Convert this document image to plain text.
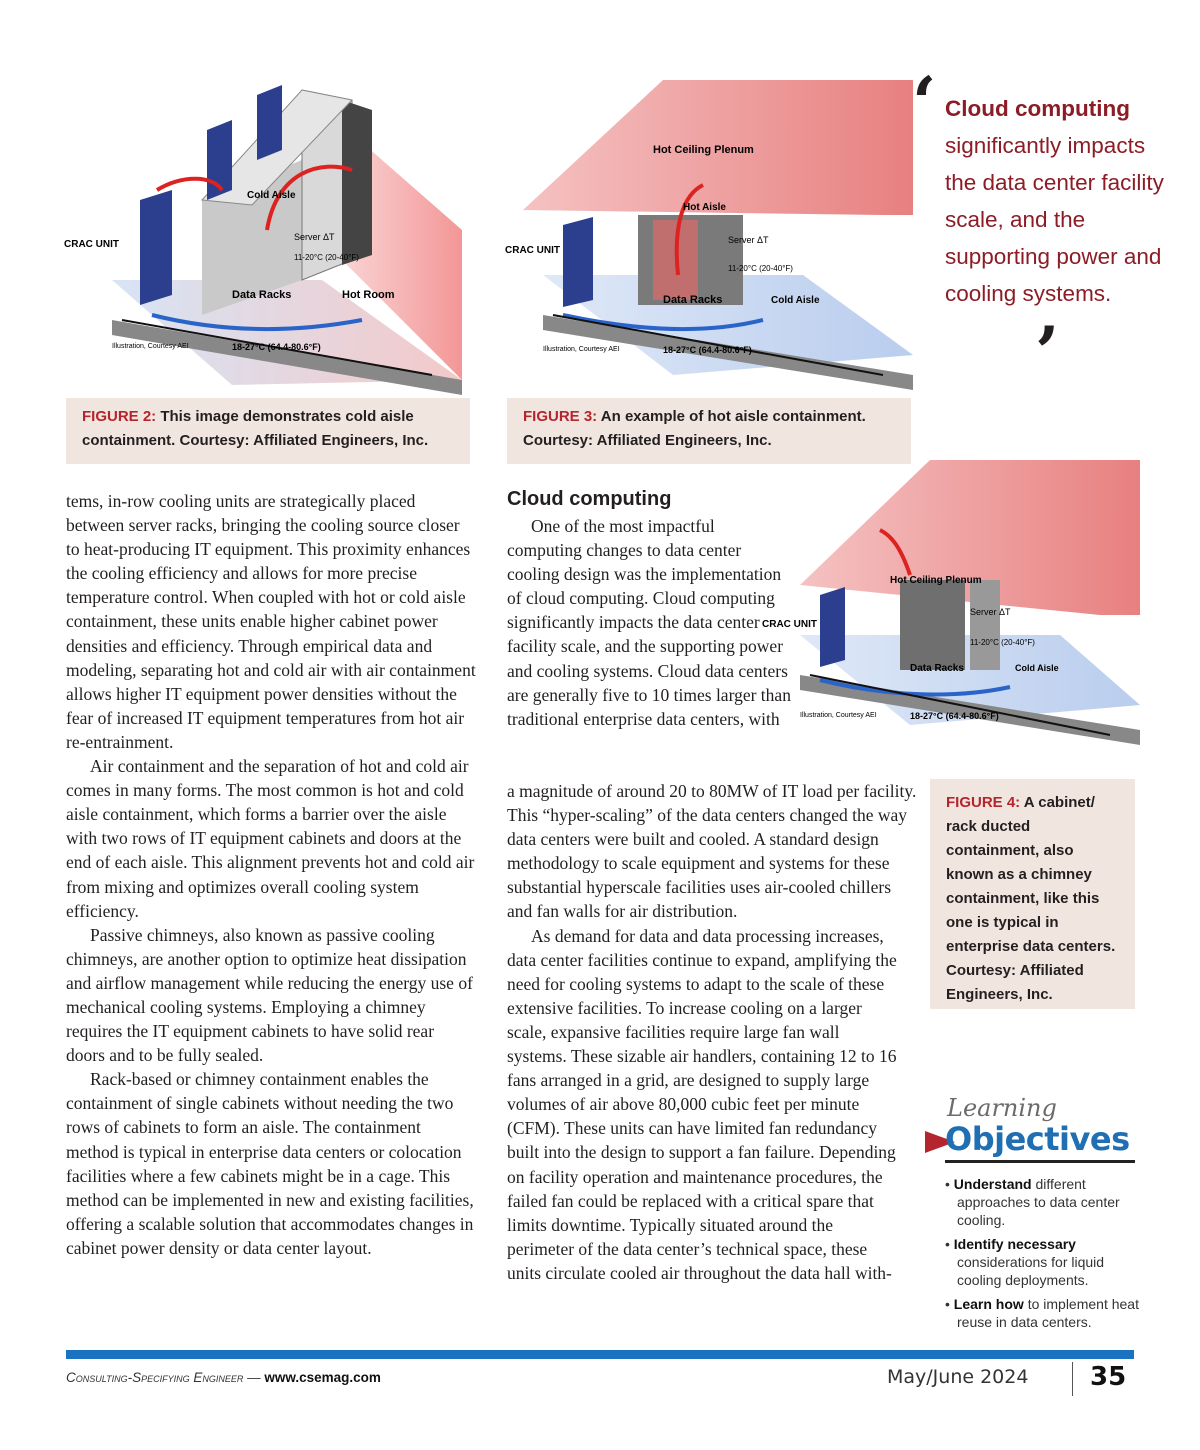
CRAC UNIT
Cold Aisle
Server ΔT
11-20°C (20-40°F)
Data Racks	Hot Room
18-27°C (64.4-80.6°F)
Illustration, Courtesy AEI
FIGURE 2: This image demonstrates cold aisle containment. Courtesy: Affiliated Engineers, Inc.
Hot Ceiling Plenum
Hot Aisle
CRAC UNIT
Server ΔT
11-20°C (20-40°F)
Data Racks	Cold Aisle
18-27°C (64.4-80.6°F)
Illustration, Courtesy AEI
FIGURE 3: An example of hot aisle containment. Courtesy: Affiliated Engineers, Inc.
‘ Cloud computing significantly impacts the data center facility scale, and the supporting power and cooling systems.
’
Hot Ceiling Plenum
CRAC UNIT
Server ΔT
11-20°C (20-40°F)
Data Racks	Cold Aisle
18-27°C (64.4-80.6°F)
Illustration, Courtesy AEI
FIGURE 4: A cabinet/ rack ducted containment, also known as a chimney containment, like this one is typical in enterprise data centers. Courtesy: Affiliated Engineers, Inc.

tems, in-row cooling units are strategically placed between server racks, bringing the cooling source closer to heat-producing IT equipment. This proximity enhances the cooling efficiency and allows for more precise temperature control. When coupled with hot or cold aisle containment, these units enable higher cabinet power densities and efficiency. Through empirical data and modeling, separating hot and cold air with air containment allows higher IT equipment power densities without the fear of increased IT equipment temperatures from hot air re-entrainment.

Air containment and the separation of hot and cold air comes in many forms. The most common is hot and cold aisle containment, which forms a barrier over the aisle with two rows of IT equipment cabinets and doors at the end of each aisle. This alignment prevents hot and cold air from mixing and optimizes overall cooling system efficiency.

Passive chimneys, also known as passive cooling chimneys, are another option to optimize heat dissipation and airflow management while reducing the energy use of mechanical cooling systems. Employing a chimney requires the IT equipment cabinets to have solid rear doors and to be fully sealed.

Rack-based or chimney containment enables the containment of single cabinets without needing the two rows of cabinets to form an aisle. The containment method is typical in enterprise data centers or colocation facilities where a few cabinets might be in a cage. This method can be implemented in new and existing facilities, offering a scalable solution that accommodates changes in cabinet power density or data center layout.

Cloud computing

One of the most impactful computing changes to data center cooling design was the implementation of cloud computing. Cloud computing significantly impacts the data center facility scale, and the supporting power and cooling systems. Cloud data centers are generally five to 10 times larger than traditional enterprise data centers, with

a magnitude of around 20 to 80MW of IT load per facility. This “hyper-scaling” of the data centers changed the way data centers were built and cooled. A standard design methodology to scale equipment and systems for these substantial hyperscale facilities uses air-cooled chillers and fan walls for air distribution.

As demand for data and data processing increases, data center facilities continue to expand, amplifying the need for cooling systems to adapt to the scale of these extensive facilities. To increase cooling on a larger scale, expansive facilities require large fan wall systems. These sizable air handlers, containing 12 to 16 fans arranged in a grid, are designed to supply large volumes of air above 80,000 cubic feet per minute (CFM). These units can have limited fan redundancy built into the design to support a fan failure. Depending on facility operation and maintenance procedures, the failed fan could be replaced with a critical spare that limits downtime. Typically situated around the perimeter of the data center’s technical space, these units circulate cooled air throughout the data hall with-

Learning
Objectives
• Understand different approaches to data center cooling.
• Identify necessary considerations for liquid cooling deployments.
• Learn how to implement heat reuse in data centers.
Consulting-Specifying Engineer — www.csemag.com	May/June 2024 35
